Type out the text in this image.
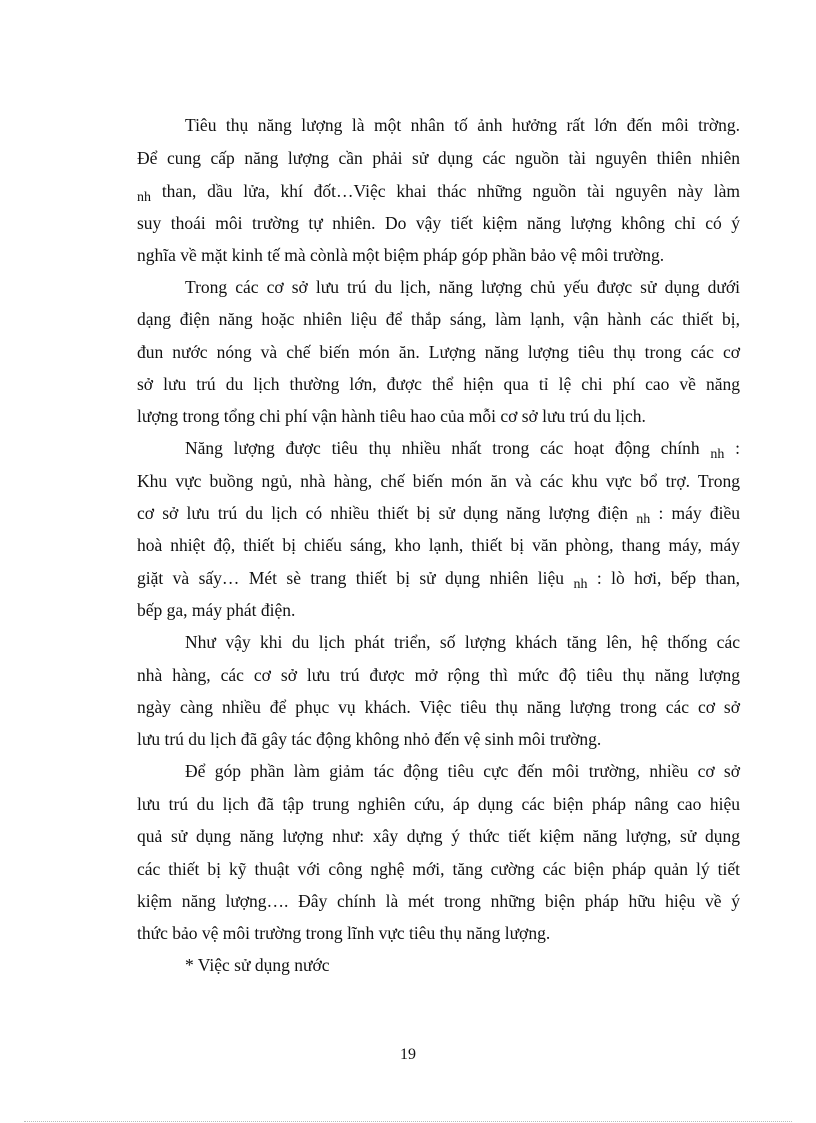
Tiêu thụ năng lượng là một nhân tố ảnh hưởng rất lớn đến môi trờng.
Để cung cấp năng lượng cần phải sử dụng các nguồn tài nguyên thiên nhiên
$_{nh}$ than, dầu lửa, khí đốt…Việc khai thác những nguồn tài nguyên này làm
suy thoái môi trường tự nhiên. Do vậy tiết kiệm năng lượng không chỉ có ý
nghĩa về mặt kinh tế mà cònlà một biệm pháp góp phần bảo vệ môi trường.
Trong các cơ sở lưu trú du lịch, năng lượng chủ yếu được sử dụng dưới
dạng điện năng hoặc nhiên liệu để thắp sáng, làm lạnh, vận hành các thiết bị,
đun nước nóng và chế biến món ăn. Lượng năng lượng tiêu thụ trong các cơ
sở lưu trú du lịch thường lớn, được thể hiện qua tỉ lệ chi phí cao về năng
lượng trong tổng chi phí vận hành tiêu hao của mỗi cơ sở lưu trú du lịch.
Năng lượng được tiêu thụ nhiều nhất trong các hoạt động chính $_{nh}$ :
Khu vực buồng ngủ, nhà hàng, chế biến món ăn và các khu vực bổ trợ. Trong
cơ sở lưu trú du lịch có nhiều thiết bị sử dụng năng lượng điện $_{nh}$ : máy điều
hoà nhiệt độ, thiết bị chiếu sáng, kho lạnh, thiết bị văn phòng, thang máy, máy
giặt và sấy… Mét sè trang thiết bị sử dụng nhiên liệu $_{nh}$ : lò hơi, bếp than,
bếp ga, máy phát điện.
Như vậy khi du lịch phát triển, số lượng khách tăng lên, hệ thống các
nhà hàng, các cơ sở lưu trú được mở rộng thì mức độ tiêu thụ năng lượng
ngày càng nhiều để phục vụ khách. Việc tiêu thụ năng lượng trong các cơ sở
lưu trú du lịch đã gây tác động không nhỏ đến vệ sinh môi trường.
Để góp phần làm giảm tác động tiêu cực đến môi trường, nhiều cơ sở
lưu trú du lịch đã tập trung nghiên cứu, áp dụng các biện pháp nâng cao hiệu
quả sử dụng năng lượng như: xây dựng ý thức tiết kiệm năng lượng, sử dụng
các thiết bị kỹ thuật với công nghệ mới, tăng cường các biện pháp quản lý tiết
kiệm năng lượng…. Đây chính là mét trong những biện pháp hữu hiệu về ý
thức bảo vệ môi trường trong lĩnh vực tiêu thụ năng lượng.
* Việc sử dụng nước
19
